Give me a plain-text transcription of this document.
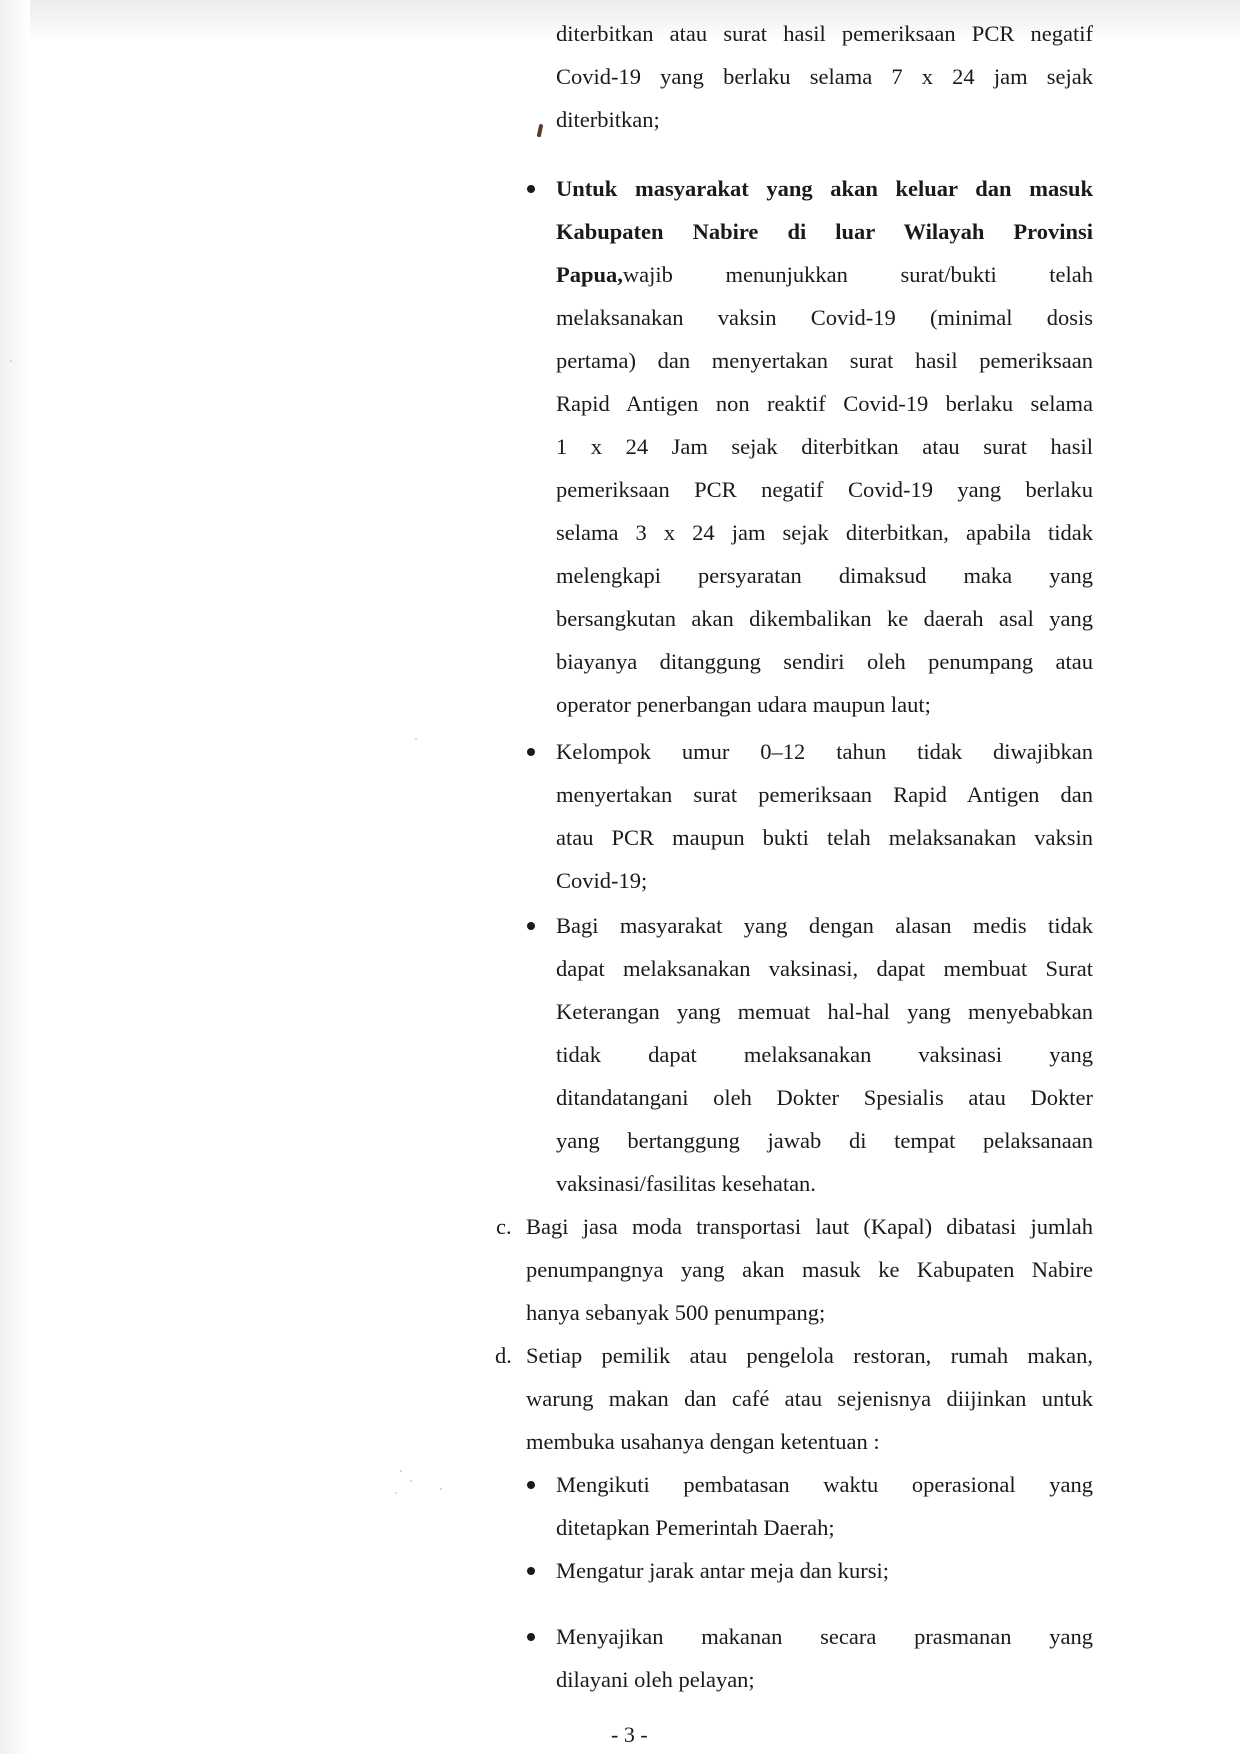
diterbitkan atau surat hasil pemeriksaan PCR negatif
Covid-19 yang berlaku selama 7 x 24 jam sejak
diterbitkan;
Untuk masyarakat yang akan keluar dan masuk
Kabupaten Nabire di luar Wilayah Provinsi
Papua, wajib menunjukkan surat/bukti telah
melaksanakan vaksin Covid-19 (minimal dosis
pertama) dan menyertakan surat hasil pemeriksaan
Rapid Antigen non reaktif Covid-19 berlaku selama
1 x 24 Jam sejak diterbitkan atau surat hasil
pemeriksaan PCR negatif Covid-19 yang berlaku
selama 3 x 24 jam sejak diterbitkan, apabila tidak
melengkapi persyaratan dimaksud maka yang
bersangkutan akan dikembalikan ke daerah asal yang
biayanya ditanggung sendiri oleh penumpang atau
operator penerbangan udara maupun laut;
Kelompok umur 0–12 tahun tidak diwajibkan
menyertakan surat pemeriksaan Rapid Antigen dan
atau PCR maupun bukti telah melaksanakan vaksin
Covid-19;
Bagi masyarakat yang dengan alasan medis tidak
dapat melaksanakan vaksinasi, dapat membuat Surat
Keterangan yang memuat hal-hal yang menyebabkan
tidak dapat melaksanakan vaksinasi yang
ditandatangani oleh Dokter Spesialis atau Dokter
yang bertanggung jawab di tempat pelaksanaan
vaksinasi/fasilitas kesehatan.
c. Bagi jasa moda transportasi laut (Kapal) dibatasi jumlah
penumpangnya yang akan masuk ke Kabupaten Nabire
hanya sebanyak 500 penumpang;
d. Setiap pemilik atau pengelola restoran, rumah makan,
warung makan dan café atau sejenisnya diijinkan untuk
membuka usahanya dengan ketentuan :
Mengikuti pembatasan waktu operasional yang
ditetapkan Pemerintah Daerah;
Mengatur jarak antar meja dan kursi;
Menyajikan makanan secara prasmanan yang
dilayani oleh pelayan;
- 3 -
